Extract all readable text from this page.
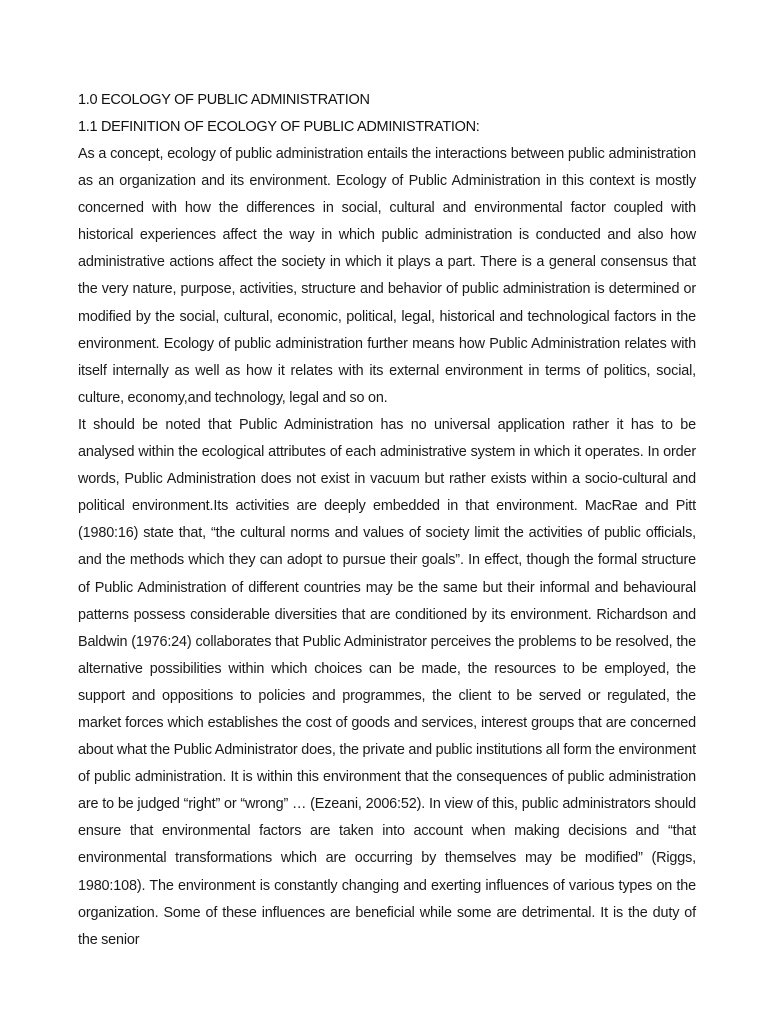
1.0 ECOLOGY OF PUBLIC ADMINISTRATION

1.1 DEFINITION OF ECOLOGY OF PUBLIC ADMINISTRATION:

As a concept, ecology of public administration entails the interactions between public administration as an organization and its environment. Ecology of Public Administration in this context is mostly concerned with how the differences in social, cultural and environmental factor coupled with historical experiences affect the way in which public administration is conducted and also how administrative actions affect the society in which it plays a part. There is a general consensus that the very nature, purpose, activities, structure and behavior of public administration is determined or modified by the social, cultural, economic, political, legal, historical and technological factors in the environment. Ecology of public administration further means how Public Administration relates with itself internally as well as how it relates with its external environment in terms of politics, social, culture, economy,and technology, legal and so on.

It should be noted that Public Administration has no universal application rather it has to be analysed within the ecological attributes of each administrative system in which it operates. In order words, Public Administration does not exist in vacuum but rather exists within a socio-cultural and political environment.Its activities are deeply embedded in that environment. MacRae and Pitt (1980:16) state that, “the cultural norms and values of society limit the activities of public officials, and the methods which they can adopt to pursue their goals”. In effect, though the formal structure of Public Administration of different countries may be the same but their informal and behavioural patterns possess considerable diversities that are conditioned by its environment. Richardson and Baldwin (1976:24) collaborates that Public Administrator perceives the problems to be resolved, the alternative possibilities within which choices can be made, the resources to be employed, the support and oppositions to policies and programmes, the client to be served or regulated, the market forces which establishes the cost of goods and services, interest groups that are concerned about what the Public Administrator does, the private and public institutions all form the environment of public administration. It is within this environment that the consequences of public administration are to be judged “right” or “wrong” … (Ezeani, 2006:52). In view of this, public administrators should ensure that environmental factors are taken into account when making decisions and “that environmental transformations which are occurring by themselves may be modified” (Riggs, 1980:108). The environment is constantly changing and exerting influences of various types on the organization. Some of these influences are beneficial while some are detrimental. It is the duty of the senior
